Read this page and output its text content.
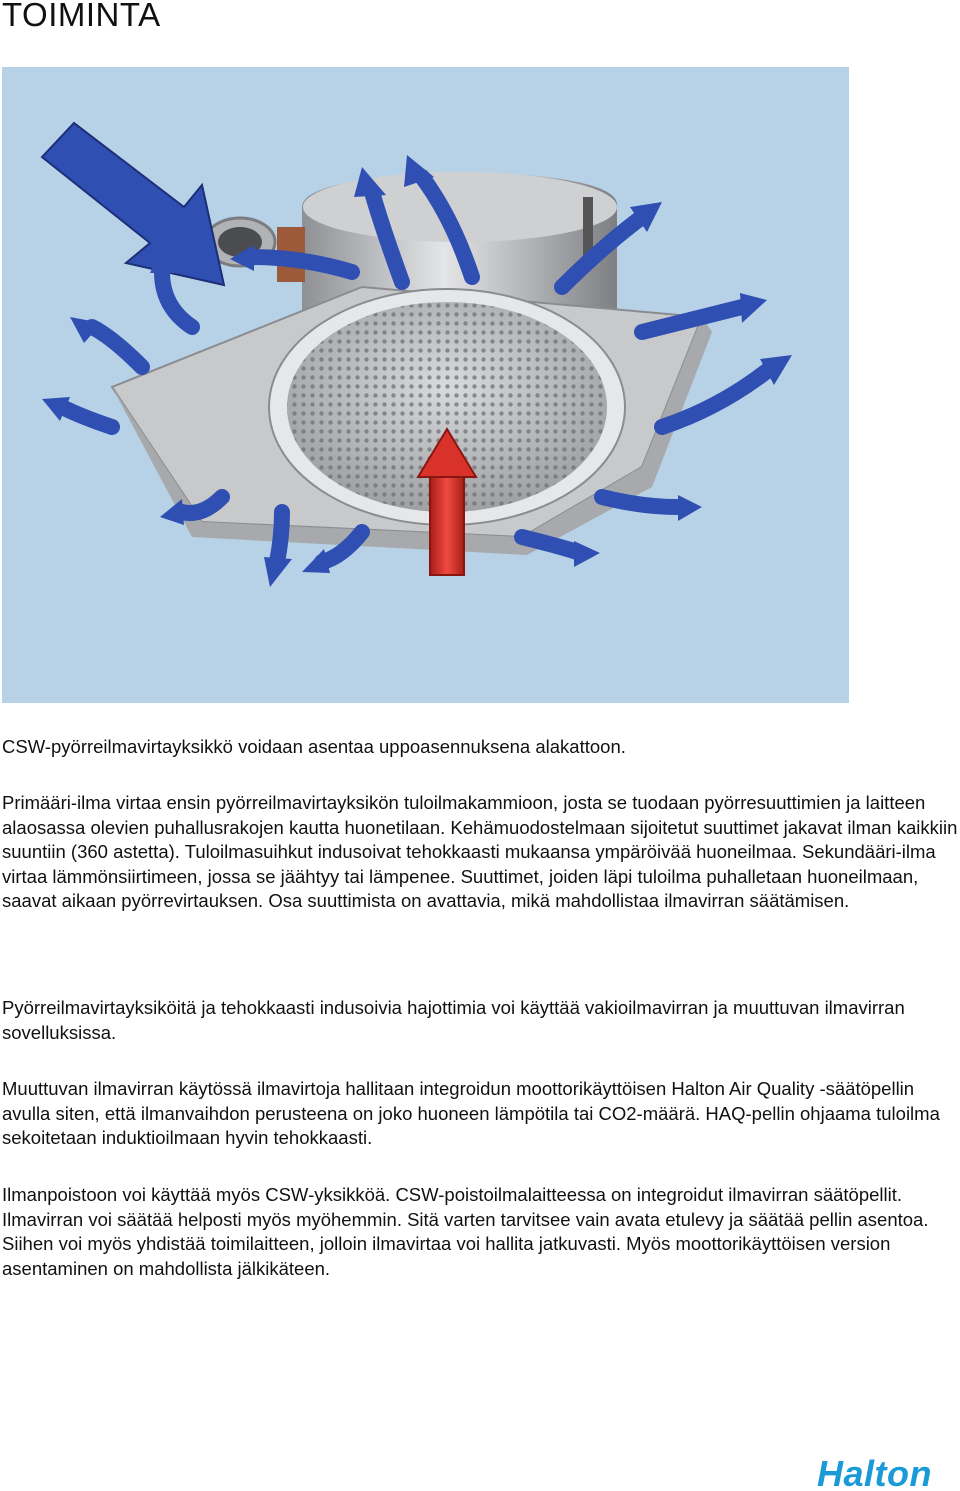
TOIMINTA

CSW-pyörreilmavirtayksikkö voidaan asentaa uppoasennuksena alakattoon.

Primääri-ilma virtaa ensin pyörreilmavirtayksikön tuloilmakammioon, josta se tuodaan pyörresuuttimien ja laitteen alaosassa olevien puhallusrakojen kautta huonetilaan. Kehämuodostelmaan sijoitetut suuttimet jakavat ilman kaikkiin suuntiin (360 astetta). Tuloilmasuihkut indusoivat tehokkaasti mukaansa ympäröivää huoneilmaa. Sekundääri-ilma virtaa lämmönsiirtimeen, jossa se jäähtyy tai lämpenee. Suuttimet, joiden läpi tuloilma puhalletaan huoneilmaan, saavat aikaan pyörrevirtauksen. Osa suuttimista on avattavia, mikä mahdollistaa ilmavirran säätämisen.

Pyörreilmavirtayksiköitä ja tehokkaasti indusoivia hajottimia voi käyttää vakioilmavirran ja muuttuvan ilmavirran sovelluksissa.

Muuttuvan ilmavirran käytössä ilmavirtoja hallitaan integroidun moottorikäyttöisen Halton Air Quality -säätöpellin avulla siten, että ilmanvaihdon perusteena on joko huoneen lämpötila tai CO2-määrä. HAQ-pellin ohjaama tuloilma sekoitetaan induktioilmaan hyvin tehokkaasti.

Ilmanpoistoon voi käyttää myös CSW-yksikköä. CSW-poistoilmalaitteessa on integroidut ilmavirran säätöpellit. Ilmavirran voi säätää helposti myös myöhemmin. Sitä varten tarvitsee vain avata etulevy ja säätää pellin asentoa. Siihen voi myös yhdistää toimilaitteen, jolloin ilmavirtaa voi hallita jatkuvasti. Myös moottorikäyttöisen version asentaminen on mahdollista jälkikäteen.

Halton
